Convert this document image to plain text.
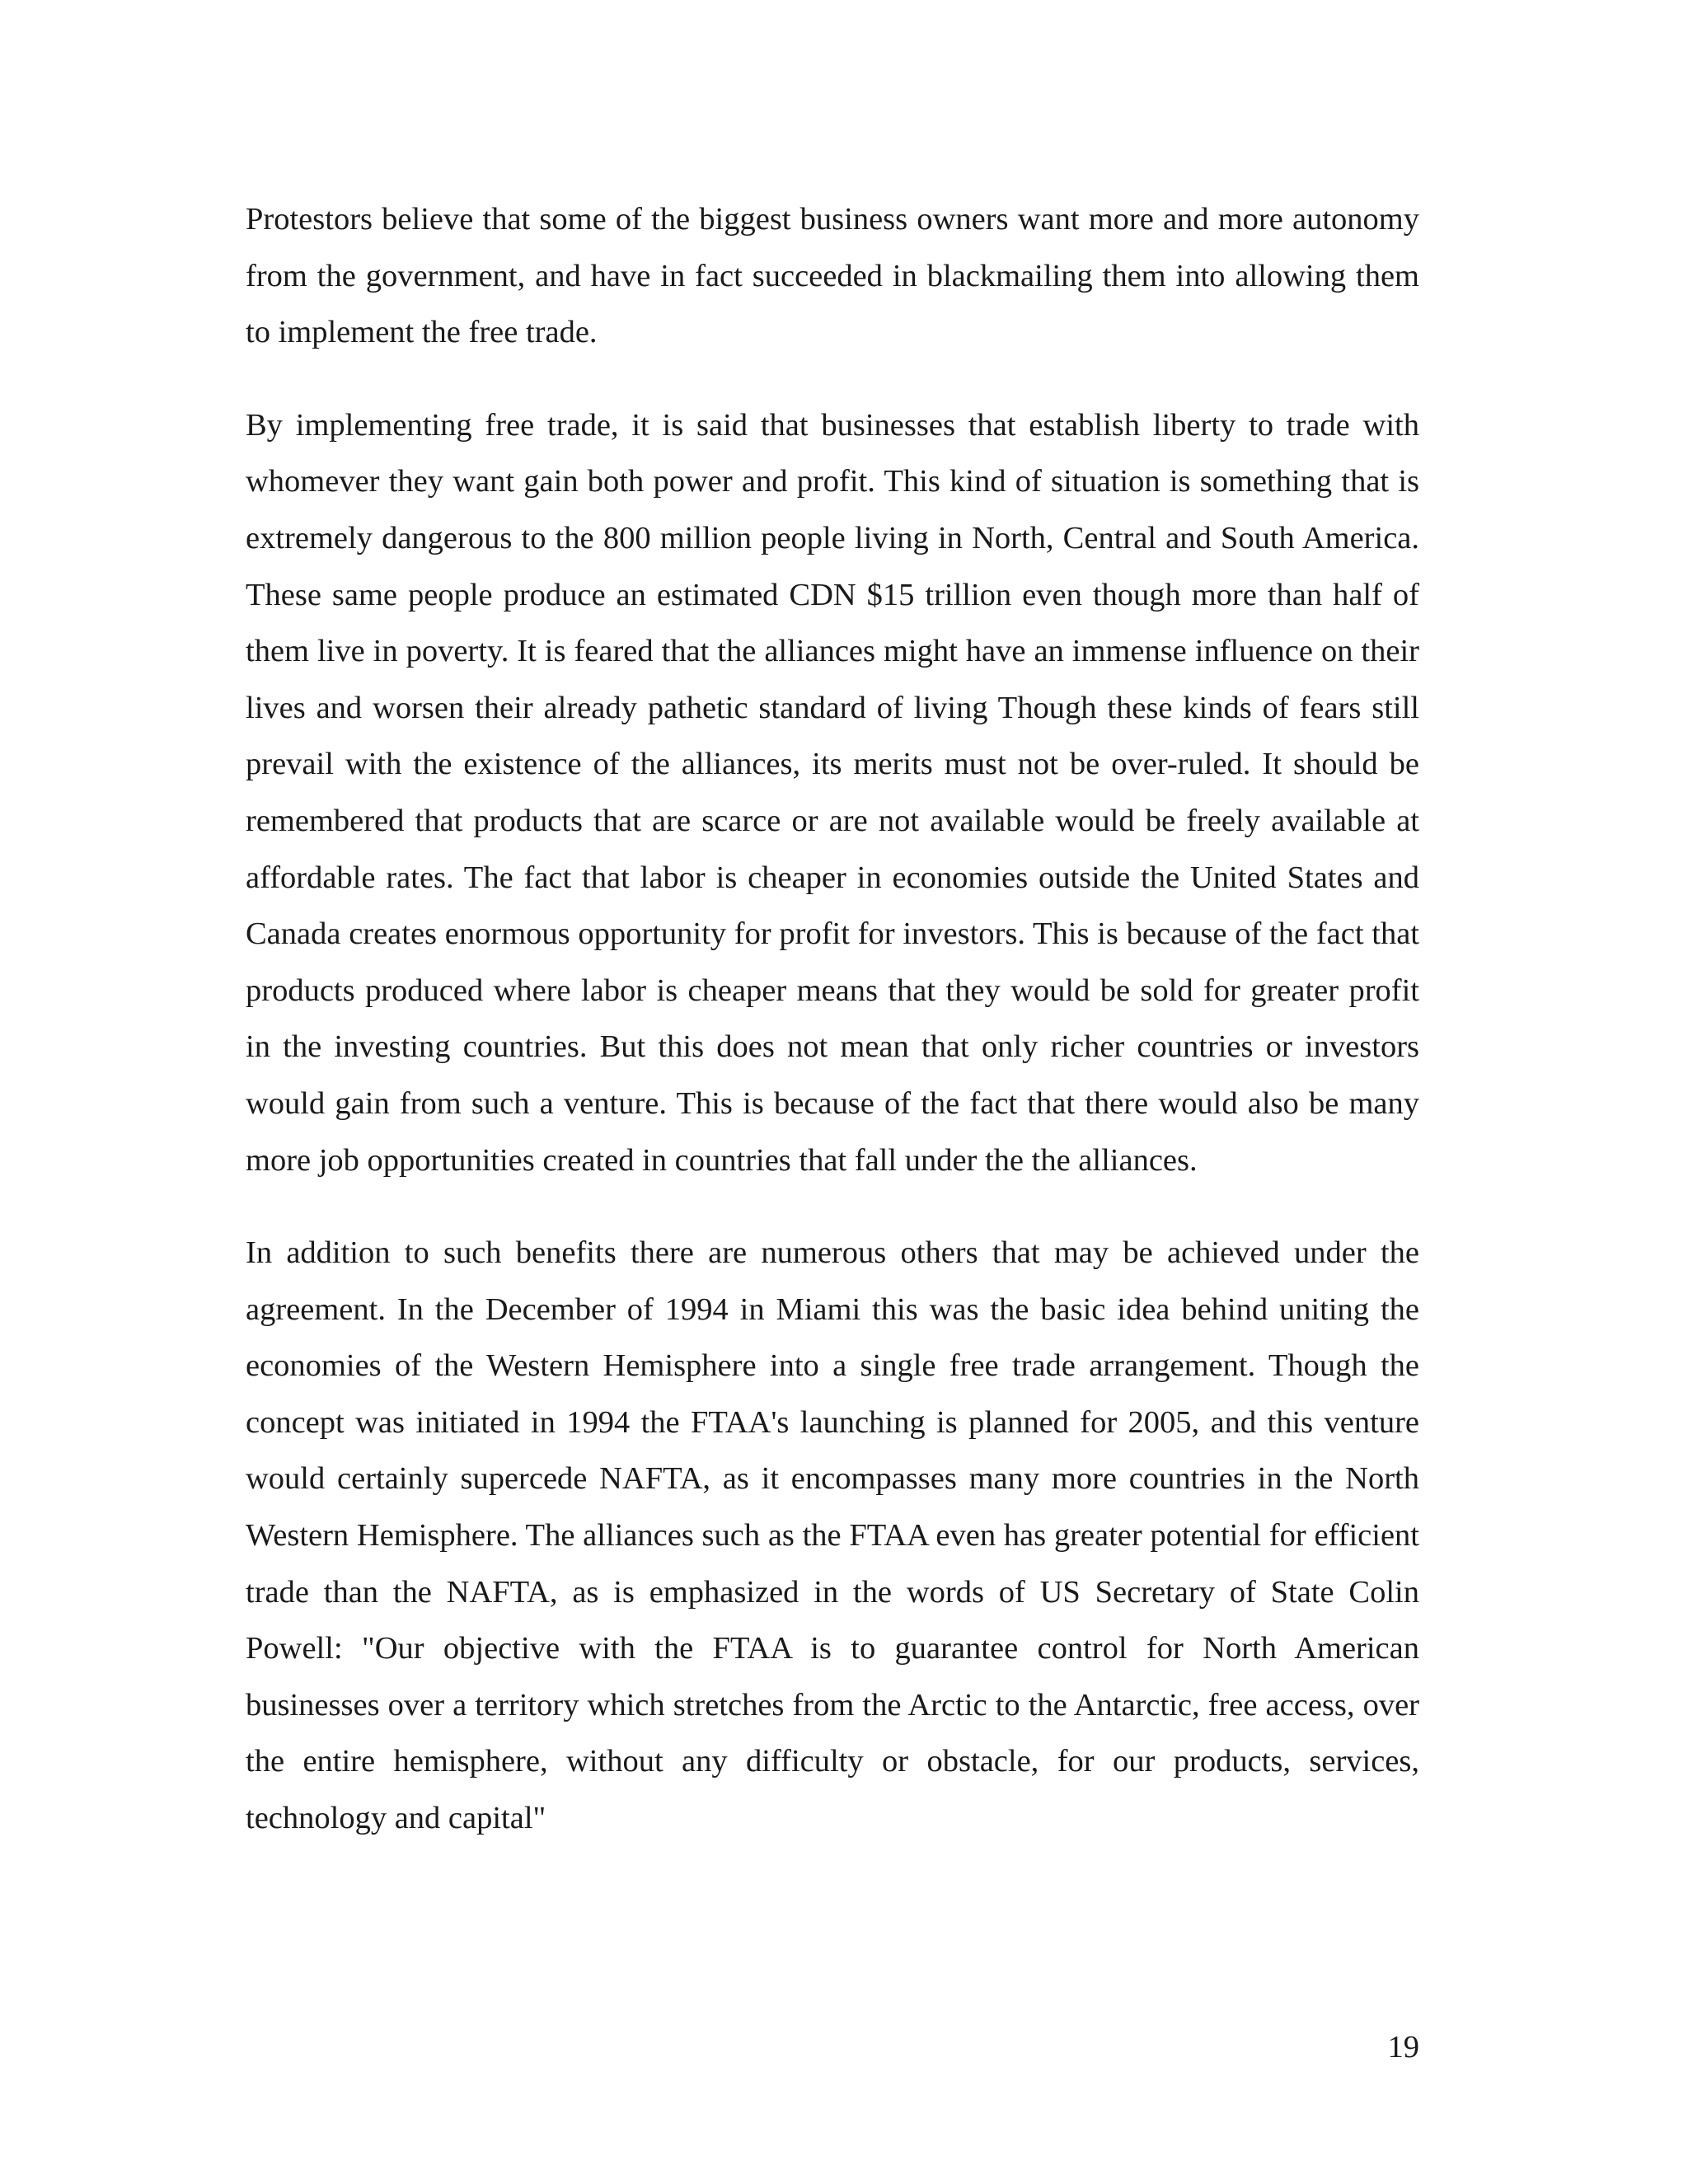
Protestors believe that some of the biggest business owners want more and more autonomy from the government, and have in fact succeeded in blackmailing them into allowing them to implement the free trade.

By implementing free trade, it is said that businesses that establish liberty to trade with whomever they want gain both power and profit. This kind of situation is something that is extremely dangerous to the 800 million people living in North, Central and South America. These same people produce an estimated CDN $15 trillion even though more than half of them live in poverty. It is feared that the alliances might have an immense influence on their lives and worsen their already pathetic standard of living Though these kinds of fears still prevail with the existence of the alliances, its merits must not be over-ruled. It should be remembered that products that are scarce or are not available would be freely available at affordable rates. The fact that labor is cheaper in economies outside the United States and Canada creates enormous opportunity for profit for investors. This is because of the fact that products produced where labor is cheaper means that they would be sold for greater profit in the investing countries. But this does not mean that only richer countries or investors would gain from such a venture. This is because of the fact that there would also be many more job opportunities created in countries that fall under the the alliances.

In addition to such benefits there are numerous others that may be achieved under the agreement. In the December of 1994 in Miami this was the basic idea behind uniting the economies of the Western Hemisphere into a single free trade arrangement. Though the concept was initiated in 1994 the FTAA's launching is planned for 2005, and this venture would certainly supercede NAFTA, as it encompasses many more countries in the North Western Hemisphere. The alliances such as the FTAA even has greater potential for efficient trade than the NAFTA, as is emphasized in the words of US Secretary of State Colin Powell: "Our objective with the FTAA is to guarantee control for North American businesses over a territory which stretches from the Arctic to the Antarctic, free access, over the entire hemisphere, without any difficulty or obstacle, for our products, services, technology and capital"

19
